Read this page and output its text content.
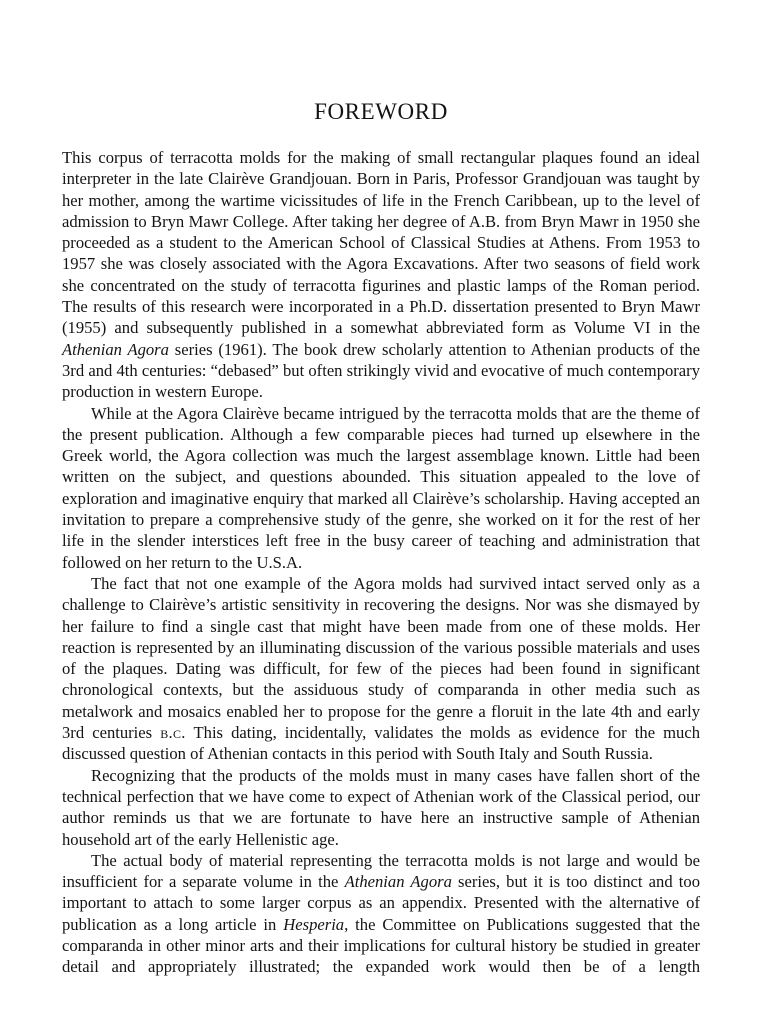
FOREWORD

This corpus of terracotta molds for the making of small rectangular plaques found an ideal interpreter in the late Clairève Grandjouan. Born in Paris, Professor Grandjouan was taught by her mother, among the wartime vicissitudes of life in the French Caribbean, up to the level of admission to Bryn Mawr College. After taking her degree of A.B. from Bryn Mawr in 1950 she proceeded as a student to the American School of Classical Studies at Athens. From 1953 to 1957 she was closely associated with the Agora Excavations. After two seasons of field work she concentrated on the study of terracotta figurines and plastic lamps of the Roman period. The results of this research were incorporated in a Ph.D. dissertation presented to Bryn Mawr (1955) and subsequently published in a somewhat abbreviated form as Volume VI in the Athenian Agora series (1961). The book drew scholarly attention to Athenian products of the 3rd and 4th centuries: “debased” but often strikingly vivid and evocative of much contemporary production in western Europe.

While at the Agora Clairève became intrigued by the terracotta molds that are the theme of the present publication. Although a few comparable pieces had turned up elsewhere in the Greek world, the Agora collection was much the largest assemblage known. Little had been written on the subject, and questions abounded. This situation appealed to the love of exploration and imaginative enquiry that marked all Clairève’s scholarship. Having accepted an invitation to prepare a comprehensive study of the genre, she worked on it for the rest of her life in the slender interstices left free in the busy career of teaching and administration that followed on her return to the U.S.A.

The fact that not one example of the Agora molds had survived intact served only as a challenge to Clairève’s artistic sensitivity in recovering the designs. Nor was she dismayed by her failure to find a single cast that might have been made from one of these molds. Her reaction is represented by an illuminating discussion of the various possible materials and uses of the plaques. Dating was difficult, for few of the pieces had been found in significant chronological contexts, but the assiduous study of comparanda in other media such as metalwork and mosaics enabled her to propose for the genre a floruit in the late 4th and early 3rd centuries b.c. This dating, incidentally, validates the molds as evidence for the much discussed question of Athenian contacts in this period with South Italy and South Russia.

Recognizing that the products of the molds must in many cases have fallen short of the technical perfection that we have come to expect of Athenian work of the Classical period, our author reminds us that we are fortunate to have here an instructive sample of Athenian household art of the early Hellenistic age.

The actual body of material representing the terracotta molds is not large and would be insufficient for a separate volume in the Athenian Agora series, but it is too distinct and too important to attach to some larger corpus as an appendix. Presented with the alternative of publication as a long article in Hesperia, the Committee on Publications suggested that the comparanda in other minor arts and their implications for cultural history be studied in greater detail and appropriately illustrated; the expanded work would then be of a length
